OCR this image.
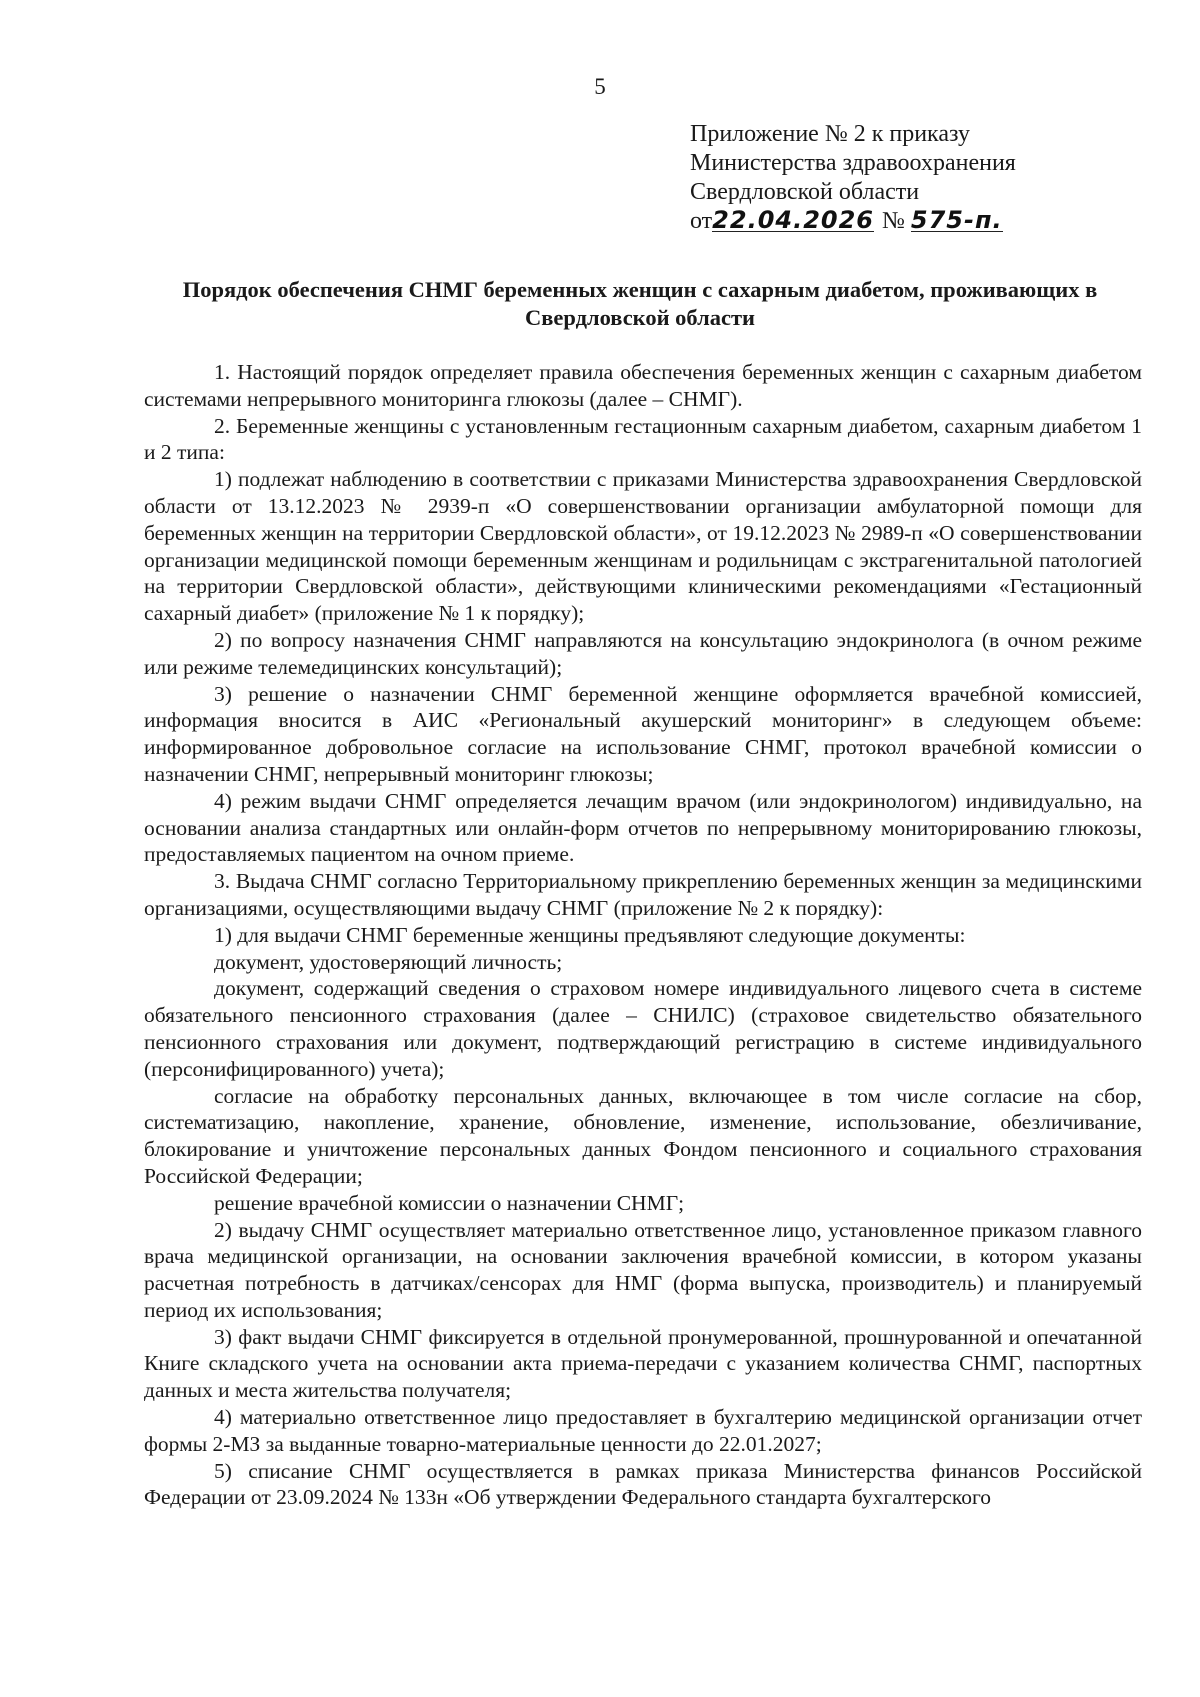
5
Приложение № 2 к приказу
Министерства здравоохранения
Свердловской области
от22.04.2026 № 575-п.
Порядок обеспечения СНМГ беременных женщин с сахарным диабетом, проживающих в Свердловской области

1. Настоящий порядок определяет правила обеспечения беременных женщин с сахарным диабетом системами непрерывного мониторинга глюкозы (далее – СНМГ).

2. Беременные женщины с установленным гестационным сахарным диабетом, сахарным диабетом 1 и 2 типа:

1) подлежат наблюдению в соответствии с приказами Министерства здравоохранения Свердловской области от 13.12.2023 № 2939-п «О совершенствовании организации амбулаторной помощи для беременных женщин на территории Свердловской области», от 19.12.2023 № 2989-п «О совершенствовании организации медицинской помощи беременным женщинам и родильницам с экстрагенитальной патологией на территории Свердловской области», действующими клиническими рекомендациями «Гестационный сахарный диабет» (приложение № 1 к порядку);

2) по вопросу назначения СНМГ направляются на консультацию эндокринолога (в очном режиме или режиме телемедицинских консультаций);

3) решение о назначении СНМГ беременной женщине оформляется врачебной комиссией, информация вносится в АИС «Региональный акушерский мониторинг» в следующем объеме: информированное добровольное согласие на использование СНМГ, протокол врачебной комиссии о назначении СНМГ, непрерывный мониторинг глюкозы;

4) режим выдачи СНМГ определяется лечащим врачом (или эндокринологом) индивидуально, на основании анализа стандартных или онлайн-форм отчетов по непрерывному мониторированию глюкозы, предоставляемых пациентом на очном приеме.

3. Выдача СНМГ согласно Территориальному прикреплению беременных женщин за медицинскими организациями, осуществляющими выдачу СНМГ (приложение № 2 к порядку):

1) для выдачи СНМГ беременные женщины предъявляют следующие документы:

документ, удостоверяющий личность;

документ, содержащий сведения о страховом номере индивидуального лицевого счета в системе обязательного пенсионного страхования (далее – СНИЛС) (страховое свидетельство обязательного пенсионного страхования или документ, подтверждающий регистрацию в системе индивидуального (персонифицированного) учета);

согласие на обработку персональных данных, включающее в том числе согласие на сбор, систематизацию, накопление, хранение, обновление, изменение, использование, обезличивание, блокирование и уничтожение персональных данных Фондом пенсионного и социального страхования Российской Федерации;

решение врачебной комиссии о назначении СНМГ;

2) выдачу СНМГ осуществляет материально ответственное лицо, установленное приказом главного врача медицинской организации, на основании заключения врачебной комиссии, в котором указаны расчетная потребность в датчиках/сенсорах для НМГ (форма выпуска, производитель) и планируемый период их использования;

3) факт выдачи СНМГ фиксируется в отдельной пронумерованной, прошнурованной и опечатанной Книге складского учета на основании акта приема-передачи с указанием количества СНМГ, паспортных данных и места жительства получателя;

4) материально ответственное лицо предоставляет в бухгалтерию медицинской организации отчет формы 2-МЗ за выданные товарно-материальные ценности до 22.01.2027;

5) списание СНМГ осуществляется в рамках приказа Министерства финансов Российской Федерации от 23.09.2024 № 133н «Об утверждении Федерального стандарта бухгалтерского
